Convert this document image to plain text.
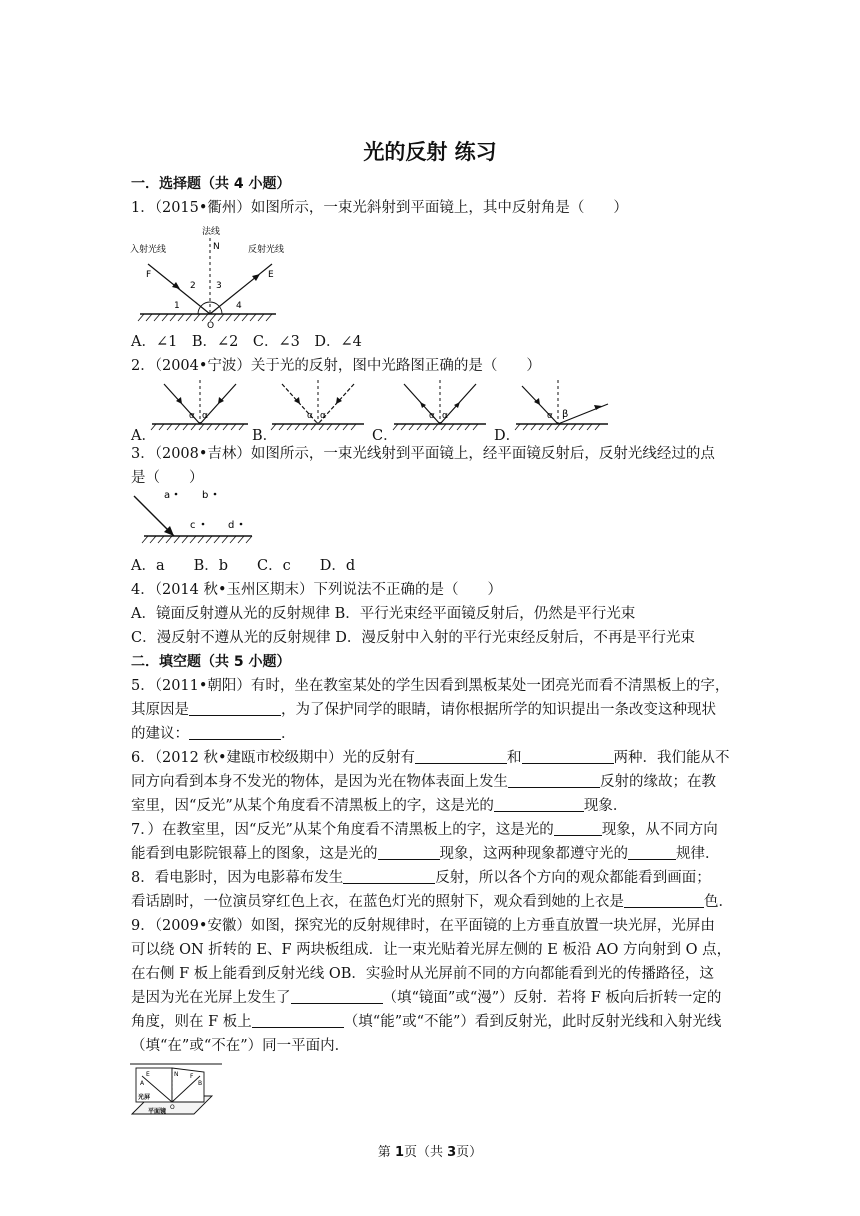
光的反射 练习
一．选择题（共 4 小题）
1．（2015•衢州）如图所示，一束光斜射到平面镜上，其中反射角是（　　）
法线
N
入射光线	反射光线
F	E
1
2 3
4
O
A．∠1　B．∠2　C．∠3　D．∠4
2．（2004•宁波）关于光的反射，图中光路图正确的是（　　）
A．
α α
B．
α α
C．
α α
D．
α β
3．（2008•吉林）如图所示，一束光线射到平面镜上，经平面镜反射后，反射光线经过的点
是（　　）
a	b
c	d
A．a　　B．b　　C．c　　D．d
4．（2014 秋•玉州区期末）下列说法不正确的是（　　）
A．镜面反射遵从光的反射规律 B．平行光束经平面镜反射后，仍然是平行光束
C．漫反射不遵从光的反射规律 D．漫反射中入射的平行光束经反射后，不再是平行光束
二．填空题（共 5 小题）
5．（2011•朝阳）有时，坐在教室某处的学生因看到黑板某处一团亮光而看不清黑板上的字，
其原因是	，为了保护同学的眼睛，请你根据所学的知识提出一条改变这种现状
的建议：	．
6．（2012 秋•建瓯市校级期中）光的反射有	和	两种．我们能从不
同方向看到本身不发光的物体，是因为光在物体表面上发生	反射的缘故；在教
室里，因“反光”从某个角度看不清黑板上的字，这是光的	现象．
7．）在教室里，因“反光”从某个角度看不清黑板上的字，这是光的	现象，从不同方向
能看到电影院银幕上的图象，这是光的	现象，这两种现象都遵守光的	规律．
8．看电影时，因为电影幕布发生	反射，所以各个方向的观众都能看到画面；
看话剧时，一位演员穿红色上衣，在蓝色灯光的照射下，观众看到她的上衣是	色．
9．（2009•安徽）如图，探究光的反射规律时，在平面镜的上方垂直放置一块光屏，光屏由
可以绕 ON 折转的 E、F 两块板组成．让一束光贴着光屏左侧的 E 板沿 AO 方向射到 O 点，
在右侧 F 板上能看到反射光线 OB．实验时从光屏前不同的方向都能看到光的传播路径，这
是因为光在光屏上发生了	（填“镜面”或“漫”）反射．若将 F 板向后折转一定的
角度，则在 F 板上	（填“能”或“不能”）看到反射光，此时反射光线和入射光线
（填“在”或“不在”）同一平面内．
E	N F
A	B
O
光屏
平面镜
第 1页（共 3页）
